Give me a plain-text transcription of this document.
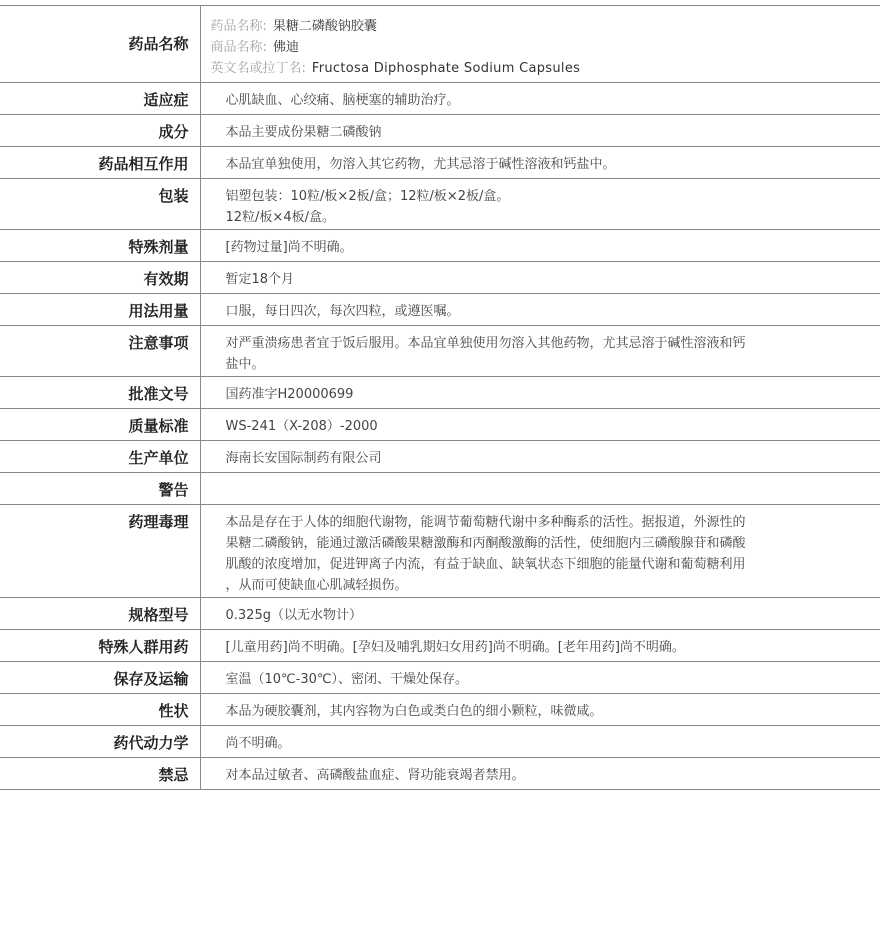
药品名称	药品名称: 果糖二磷酸钠胶囊
商品名称: 佛迪
英文名或拉丁名: Fructosa Diphosphate Sodium Capsules

适应症	心肌缺血、心绞痛、脑梗塞的辅助治疗。

成分	本品主要成份果糖二磷酸钠

药品相互作用	本品宜单独使用，勿溶入其它药物，尤其忌溶于碱性溶液和钙盐中。

包装	铝塑包装：10粒/板×2板/盒；12粒/板×2板/盒。
12粒/板×4板/盒。

特殊剂量	[药物过量]尚不明确。

有效期	暂定18个月

用法用量	口服，每日四次，每次四粒，或遵医嘱。

注意事项	对严重溃疡患者宜于饭后服用。本品宜单独使用勿溶入其他药物，尤其忌溶于碱性溶液和钙
盐中。

批准文号	国药准字H20000699

质量标准	WS-241（X-208）-2000

生产单位	海南长安国际制药有限公司

警告	

药理毒理	本品是存在于人体的细胞代谢物，能调节葡萄糖代谢中多种酶系的活性。据报道，外源性的
果糖二磷酸钠，能通过激活磷酸果糖激酶和丙酮酸激酶的活性，使细胞内三磷酸腺苷和磷酸
肌酸的浓度增加，促进钾离子内流，有益于缺血、缺氧状态下细胞的能量代谢和葡萄糖利用
，从而可使缺血心肌减轻损伤。

规格型号	0.325g（以无水物计）

特殊人群用药	[儿童用药]尚不明确。[孕妇及哺乳期妇女用药]尚不明确。[老年用药]尚不明确。

保存及运输	室温（10℃-30℃）、密闭、干燥处保存。

性状	本品为硬胶囊剂，其内容物为白色或类白色的细小颗粒，味微咸。

药代动力学	尚不明确。

禁忌	对本品过敏者、高磷酸盐血症、肾功能衰竭者禁用。
